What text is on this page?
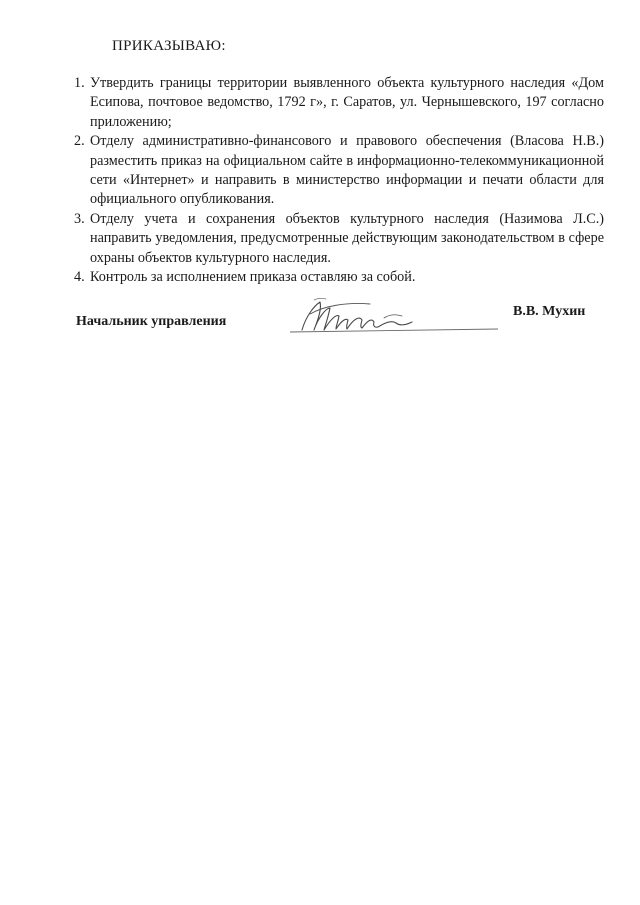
ПРИКАЗЫВАЮ:
1. Утвердить границы территории выявленного объекта культурного наследия «Дом Есипова, почтовое ведомство, 1792 г», г. Саратов, ул. Чернышевского, 197 согласно приложению;
2. Отделу административно-финансового и правового обеспечения (Власова Н.В.) разместить приказ на официальном сайте в информационно-телекоммуникационной сети «Интернет» и направить в министерство информации и печати области для официального опубликования.
3. Отделу учета и сохранения объектов культурного наследия (Назимова Л.С.) направить уведомления, предусмотренные действующим законодательством в сфере охраны объектов культурного наследия.
4. Контроль за исполнением приказа оставляю за собой.
Начальник управления
В.В. Мухин
